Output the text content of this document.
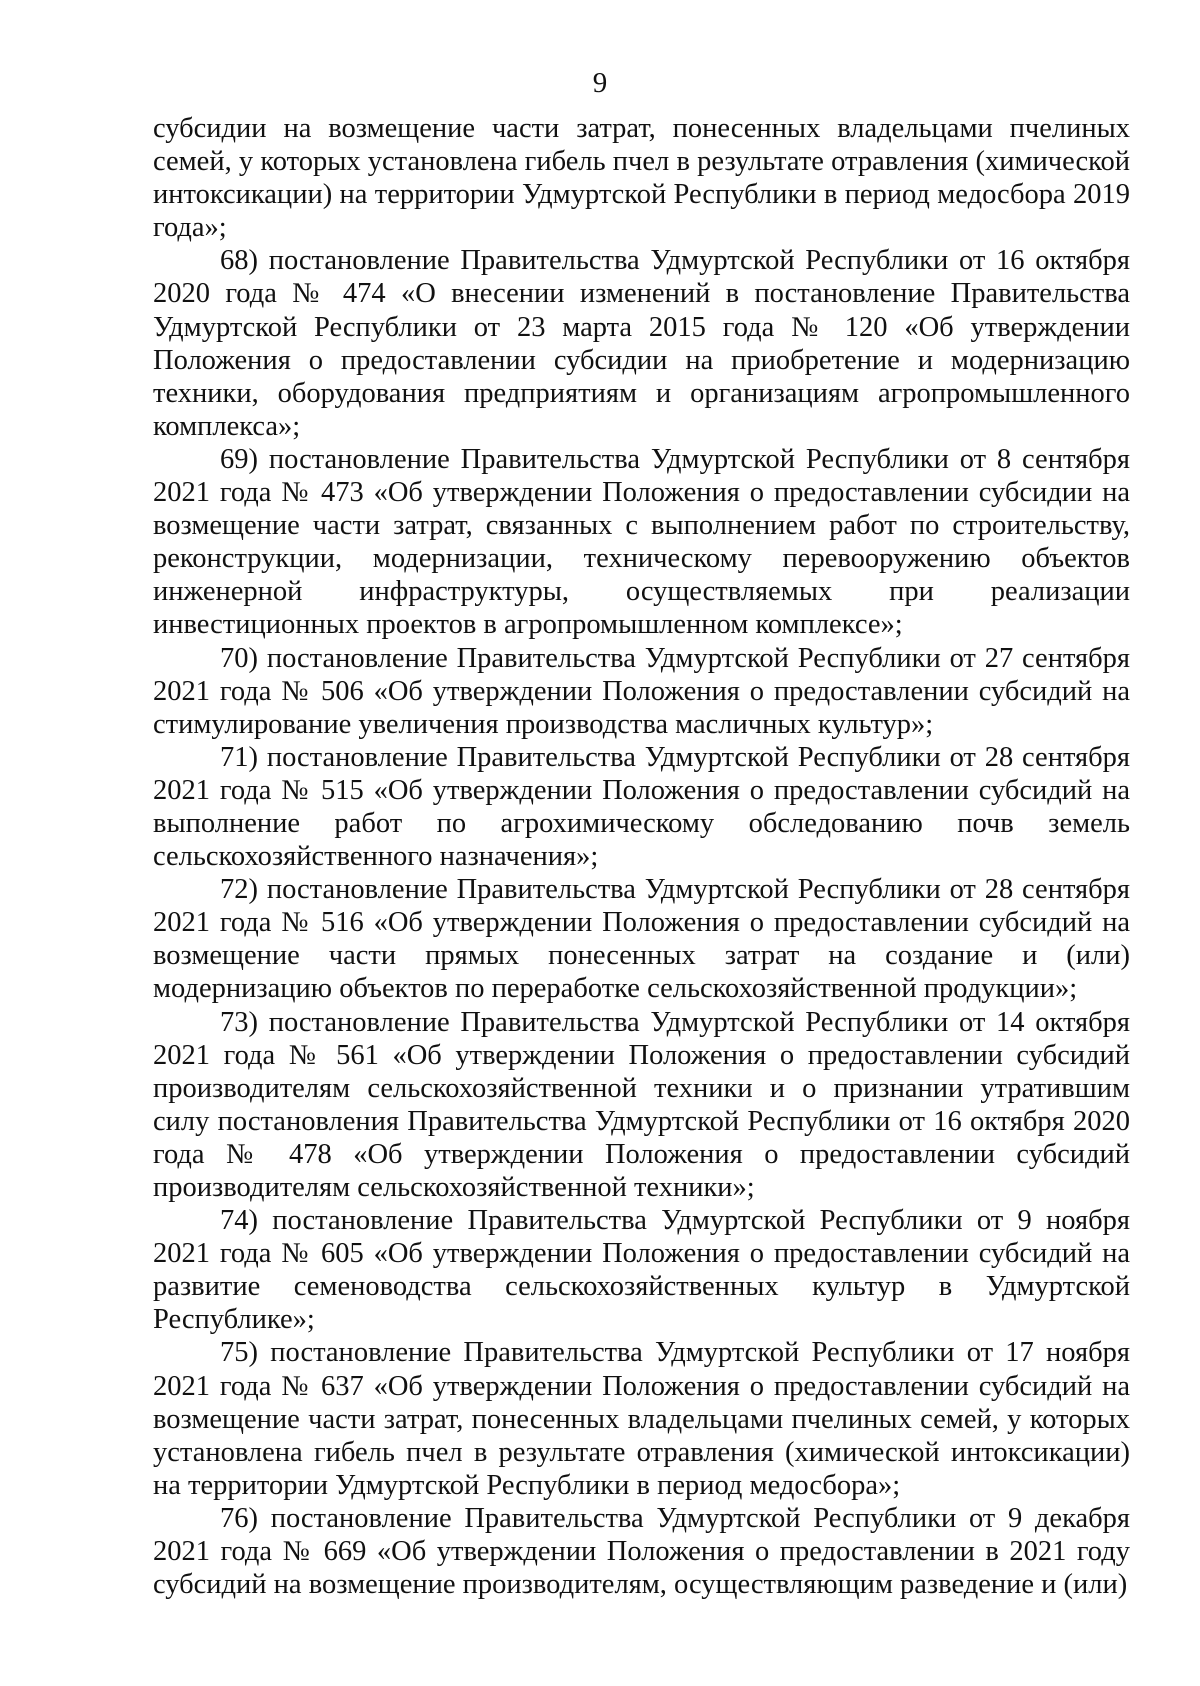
9

субсидии на возмещение части затрат, понесенных владельцами пчелиных семей, у которых установлена гибель пчел в результате отравления (химической интоксикации) на территории Удмуртской Республики в период медосбора 2019 года»;

68) постановление Правительства Удмуртской Республики от 16 октября 2020 года № 474 «О внесении изменений в постановление Правительства Удмуртской Республики от 23 марта 2015 года № 120 «Об утверждении Положения о предоставлении субсидии на приобретение и модернизацию техники, оборудования предприятиям и организациям агропромышленного комплекса»;

69) постановление Правительства Удмуртской Республики от 8 сентября 2021 года № 473 «Об утверждении Положения о предоставлении субсидии на возмещение части затрат, связанных с выполнением работ по строительству, реконструкции, модернизации, техническому перевооружению объектов инженерной инфраструктуры, осуществляемых при реализации инвестиционных проектов в агропромышленном комплексе»;

70) постановление Правительства Удмуртской Республики от 27 сентября 2021 года № 506 «Об утверждении Положения о предоставлении субсидий на стимулирование увеличения производства масличных культур»;

71) постановление Правительства Удмуртской Республики от 28 сентября 2021 года № 515 «Об утверждении Положения о предоставлении субсидий на выполнение работ по агрохимическому обследованию почв земель сельскохозяйственного назначения»;

72) постановление Правительства Удмуртской Республики от 28 сентября 2021 года № 516 «Об утверждении Положения о предоставлении субсидий на возмещение части прямых понесенных затрат на создание и (или) модернизацию объектов по переработке сельскохозяйственной продукции»;

73) постановление Правительства Удмуртской Республики от 14 октября 2021 года № 561 «Об утверждении Положения о предоставлении субсидий производителям сельскохозяйственной техники и о признании утратившим силу постановления Правительства Удмуртской Республики от 16 октября 2020 года № 478 «Об утверждении Положения о предоставлении субсидий производителям сельскохозяйственной техники»;

74) постановление Правительства Удмуртской Республики от 9 ноября 2021 года № 605 «Об утверждении Положения о предоставлении субсидий на развитие семеноводства сельскохозяйственных культур в Удмуртской Республике»;

75) постановление Правительства Удмуртской Республики от 17 ноября 2021 года № 637 «Об утверждении Положения о предоставлении субсидий на возмещение части затрат, понесенных владельцами пчелиных семей, у которых установлена гибель пчел в результате отравления (химической интоксикации) на территории Удмуртской Республики в период медосбора»;

76) постановление Правительства Удмуртской Республики от 9 декабря 2021 года № 669 «Об утверждении Положения о предоставлении в 2021 году субсидий на возмещение производителям, осуществляющим разведение и (или)
